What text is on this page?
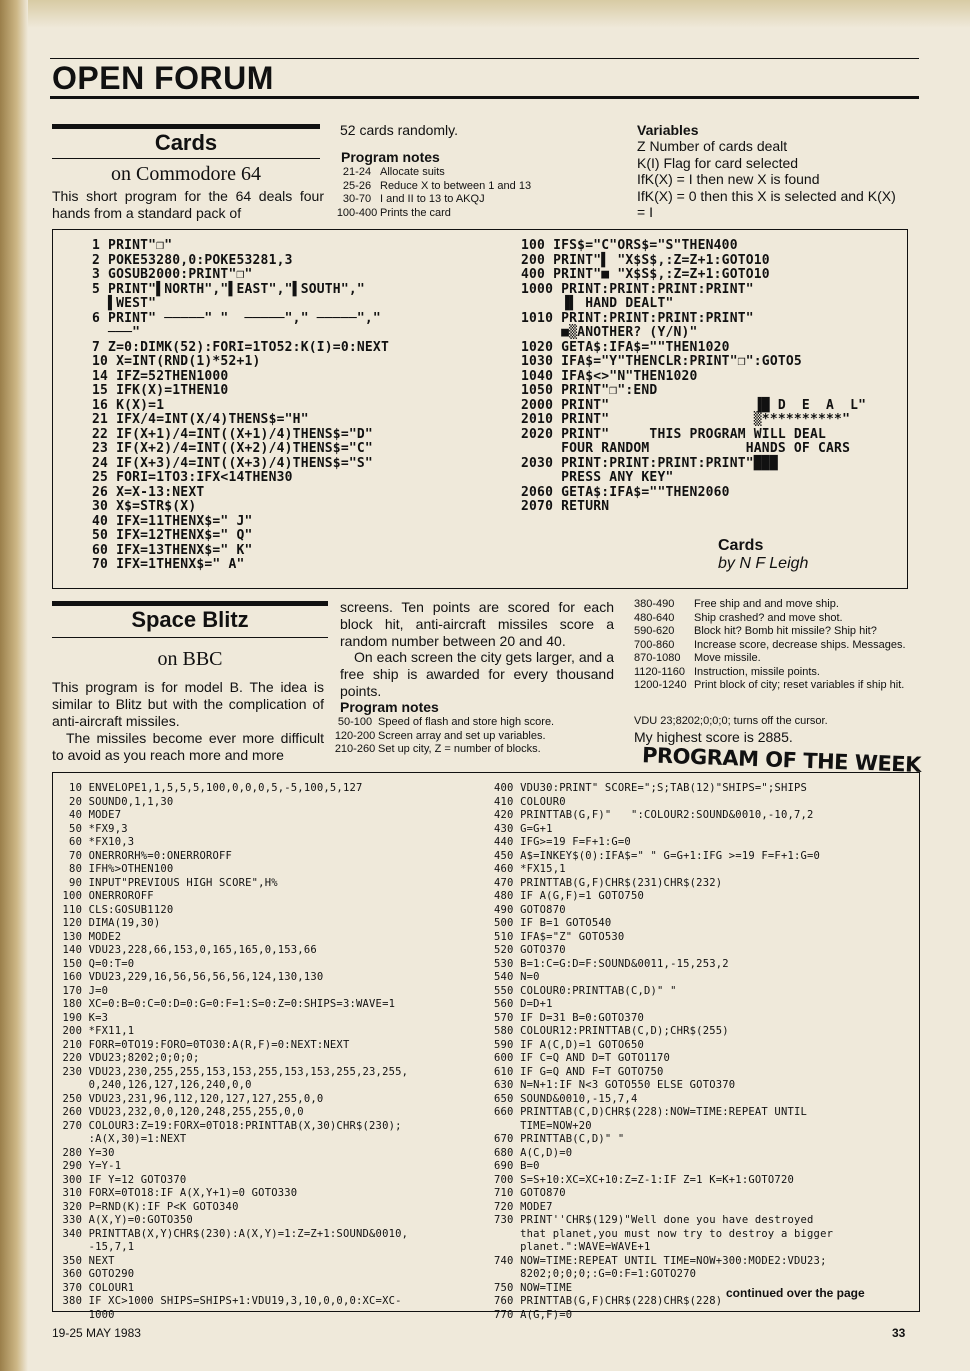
OPEN FORUM
Cards
on Commodore 64
This short program for the 64 deals four hands from a standard pack of
52 cards randomly.
Program notes
21-24 Allocate suits
25-26 Reduce X to between 1 and 13
30-70 I and II to 13 to AKQJ
100-400 Prints the card
Variables
Z Number of cards dealt
K(I) Flag for card selected
IfK(X) = I then new X is found
IfK(X) = 0 then this X is selected and K(X)
= I
1 PRINT"❒"
2 POKE53280,0:POKE53281,3
3 GOSUB2000:PRINT"❒"
5 PRINT"▌NORTH","▌EAST","▌SOUTH","
▌WEST"
6 PRINT" ─────" "  ─────"," ─────","
───"
7 Z=0:DIMK(52):FORI=1TO52:K(I)=0:NEXT
10 X=INT(RND(1)*52+1)
14 IFZ=52THEN1000
15 IFK(X)=1THEN10
16 K(X)=1
21 IFX/4=INT(X/4)THENS$="H"
22 IF(X+1)/4=INT((X+1)/4)THENS$="D"
23 IF(X+2)/4=INT((X+2)/4)THENS$="C"
24 IF(X+3)/4=INT((X+3)/4)THENS$="S"
25 FORI=1TO3:IFX<14THEN30
26 X=X-13:NEXT
30 X$=STR$(X)
40 IFX=11THENX$=" J"
50 IFX=12THENX$=" Q"
60 IFX=13THENX$=" K"
70 IFX=1THENX$=" A"
100 IFS$="C"ORS$="S"THEN400
200 PRINT"▌ "X$S$,:Z=Z+1:GOTO10
400 PRINT"■ "X$S$,:Z=Z+1:GOTO10
1000 PRINT:PRINT:PRINT:PRINT"
▐▌ HAND DEALT"
1010 PRINT:PRINT:PRINT:PRINT"
■▒ANOTHER? (Y/N)"
1020 GETA$:IFA$=""THEN1020
1030 IFA$="Y"THENCLR:PRINT"❒":GOTO5
1040 IFA$<>"N"THEN1020
1050 PRINT"❒":END
2000 PRINT"                  ▐█ D  E  A  L"
2010 PRINT"                  ▒**********"
2020 PRINT"     THIS PROGRAM WILL DEAL
FOUR RANDOM            HANDS OF CARS
2030 PRINT:PRINT:PRINT:PRINT"███
PRESS ANY KEY"
2060 GETA$:IFA$=""THEN2060
2070 RETURN
Cards
by N F Leigh
Space Blitz
on BBC
This program is for model B. The idea is similar to Blitz but with the complication of anti-aircraft missiles.
The missiles become ever more difficult to avoid as you reach more and more
screens. Ten points are scored for each block hit, anti-aircraft missiles score a random number between 20 and 40.
On each screen the city gets larger, and a free ship is awarded for every thousand points.
Program notes
50-100 Speed of flash and store high score.
120-200 Screen array and set up variables.
210-260 Set up city, Z = number of blocks.
380-490	Free ship and and move ship.
480-640	Ship crashed? and move shot.
590-620	Block hit? Bomb hit missile? Ship hit?
700-860	Increase score, decrease ships. Messages.
870-1080	Move missile.
1120-1160 Instruction, missile points.
1200-1240 Print block of city; reset variables if ship hit.
VDU 23;8202;0;0;0; turns off the cursor.
My highest score is 2885.
PROGRAM OF THE WEEK
10 ENVELOPE1,1,5,5,5,100,0,0,0,5,-5,100,5,127
20 SOUND0,1,1,30
40 MODE7
50 *FX9,3
60 *FX10,3
70 ONERRORH%=0:ONERROROFF
80 IFH%>OTHEN100
90 INPUT"PREVIOUS HIGH SCORE",H%
100 ONERROROFF
110 CLS:GOSUB1120
120 DIMA(19,30)
130 MODE2
140 VDU23,228,66,153,0,165,165,0,153,66
150 Q=0:T=0
160 VDU23,229,16,56,56,56,56,124,130,130
170 J=0
180 XC=0:B=0:C=0:D=0:G=0:F=1:S=0:Z=0:SHIPS=3:WAVE=1
190 K=3
200 *FX11,1
210 FORR=0TO19:FORO=0TO30:A(R,F)=0:NEXT:NEXT
220 VDU23;8202;0;0;0;
230 VDU23,230,255,255,153,153,255,153,153,255,23,255,
0,240,126,127,126,240,0,0
250 VDU23,231,96,112,120,127,127,255,0,0
260 VDU23,232,0,0,120,248,255,255,0,0
270 COLOUR3:Z=19:FORX=0TO18:PRINTTAB(X,30)CHR$(230);
:A(X,30)=1:NEXT
280 Y=30
290 Y=Y-1
300 IF Y=12 GOTO370
310 FORX=0TO18:IF A(X,Y+1)=0 GOTO330
320 P=RND(K):IF P<K GOTO340
330 A(X,Y)=0:GOTO350
340 PRINTTAB(X,Y)CHR$(230):A(X,Y)=1:Z=Z+1:SOUND&0010,
-15,7,1
350 NEXT
360 GOTO290
370 COLOUR1
380 IF XC>1000 SHIPS=SHIPS+1:VDU19,3,10,0,0,0:XC=XC-
1000
400 VDU30:PRINT" SCORE=";S;TAB(12)"SHIPS=";SHIPS
410 COLOUR0
420 PRINTTAB(G,F)"   ":COLOUR2:SOUND&0010,-10,7,2
430 G=G+1
440 IFG>=19 F=F+1:G=0
450 A$=INKEY$(0):IFA$=" " G=G+1:IFG >=19 F=F+1:G=0
460 *FX15,1
470 PRINTTAB(G,F)CHR$(231)CHR$(232)
480 IF A(G,F)=1 GOTO750
490 GOTO870
500 IF B=1 GOTO540
510 IFA$="Z" GOTO530
520 GOTO370
530 B=1:C=G:D=F:SOUND&0011,-15,253,2
540 N=0
550 COLOUR0:PRINTTAB(C,D)" "
560 D=D+1
570 IF D=31 B=0:GOTO370
580 COLOUR12:PRINTTAB(C,D);CHR$(255)
590 IF A(C,D)=1 GOTO650
600 IF C=Q AND D=T GOTO1170
610 IF G=Q AND F=T GOTO750
630 N=N+1:IF N<3 GOTO550 ELSE GOTO370
650 SOUND&0010,-15,7,4
660 PRINTTAB(C,D)CHR$(228):NOW=TIME:REPEAT UNTIL
TIME=NOW+20
670 PRINTTAB(C,D)" "
680 A(C,D)=0
690 B=0
700 S=S+10:XC=XC+10:Z=Z-1:IF Z=1 K=K+1:GOTO720
710 GOTO870
720 MODE7
730 PRINT''CHR$(129)"Well done you have destroyed
that planet,you must now try to destroy a bigger
planet.":WAVE=WAVE+1
740 NOW=TIME:REPEAT UNTIL TIME=NOW+300:MODE2:VDU23;
8202;0;0;0;:G=0:F=1:GOTO270
750 NOW=TIME
760 PRINTTAB(G,F)CHR$(228)CHR$(228)
770 A(G,F)=0
continued over the page
19-25 MAY 1983	33
